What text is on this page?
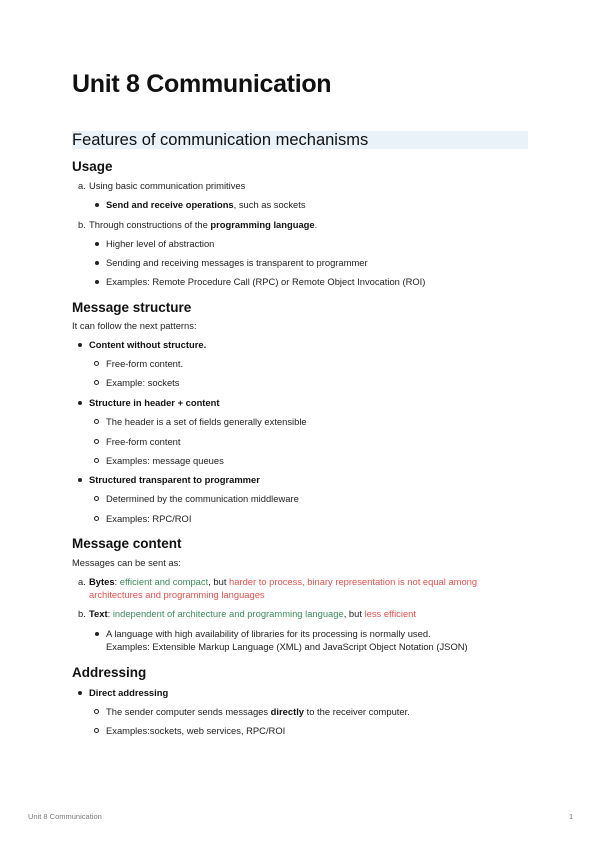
Unit 8 Communication
Features of communication mechanisms
Usage
a. Using basic communication primitives
Send and receive operations, such as sockets
b. Through constructions of the programming language.
Higher level of abstraction
Sending and receiving messages is transparent to programmer
Examples: Remote Procedure Call (RPC) or Remote Object Invocation (ROI)
Message structure
It can follow the next patterns:
Content without structure.
Free-form content.
Example: sockets
Structure in header + content
The header is a set of fields generally extensible
Free-form content
Examples: message queues
Structured transparent to programmer
Determined by the communication middleware
Examples: RPC/ROI
Message content
Messages can be sent as:
a. Bytes: efficient and compact, but harder to process, binary representation is not equal among
architectures and programming languages
b. Text: independent of architecture and programming language, but less efficient
A language with high availability of libraries for its processing is normally used.
Examples: Extensible Markup Language (XML) and JavaScript Object Notation (JSON)
Addressing
Direct addressing
The sender computer sends messages directly to the receiver computer.
Examples:sockets, web services, RPC/ROI
Unit 8 Communication	1
